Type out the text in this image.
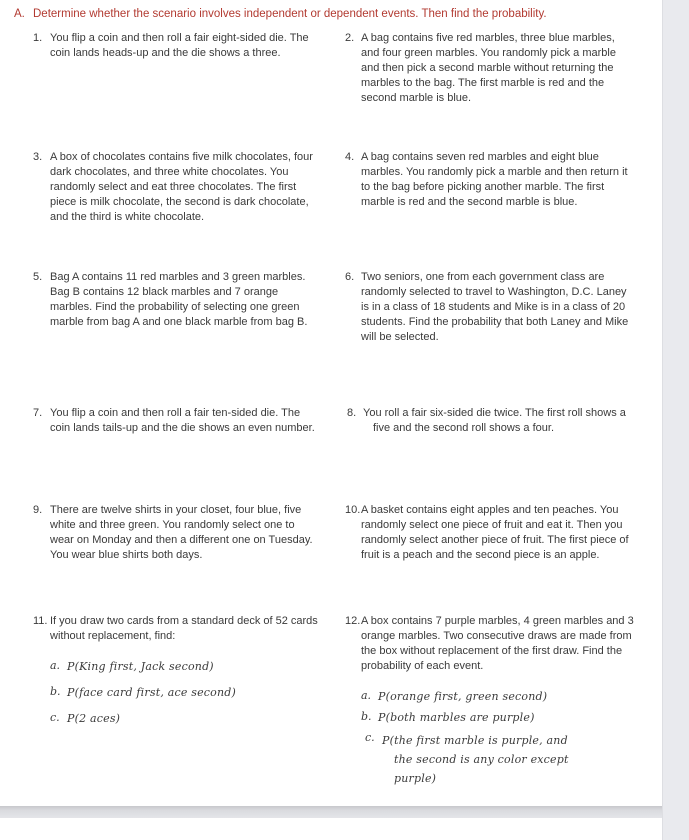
A. Determine whether the scenario involves independent or dependent events. Then find the probability.
1. You flip a coin and then roll a fair eight-sided die. The coin lands heads-up and the die shows a three.
2. A bag contains five red marbles, three blue marbles, and four green marbles. You randomly pick a marble and then pick a second marble without returning the marbles to the bag. The first marble is red and the second marble is blue.
3. A box of chocolates contains five milk chocolates, four dark chocolates, and three white chocolates. You randomly select and eat three chocolates. The first piece is milk chocolate, the second is dark chocolate, and the third is white chocolate.
4. A bag contains seven red marbles and eight blue marbles. You randomly pick a marble and then return it to the bag before picking another marble. The first marble is red and the second marble is blue.
5. Bag A contains 11 red marbles and 3 green marbles. Bag B contains 12 black marbles and 7 orange marbles. Find the probability of selecting one green marble from bag A and one black marble from bag B.
6. Two seniors, one from each government class are randomly selected to travel to Washington, D.C. Laney is in a class of 18 students and Mike is in a class of 20 students. Find the probability that both Laney and Mike will be selected.
7. You flip a coin and then roll a fair ten-sided die. The coin lands tails-up and the die shows an even number.
8. You roll a fair six-sided die twice. The first roll shows a five and the second roll shows a four.
9. There are twelve shirts in your closet, four blue, five white and three green. You randomly select one to wear on Monday and then a different one on Tuesday. You wear blue shirts both days.
10. A basket contains eight apples and ten peaches. You randomly select one piece of fruit and eat it. Then you randomly select another piece of fruit. The first piece of fruit is a peach and the second piece is an apple.
11. If you draw two cards from a standard deck of 52 cards without replacement, find:
a. P(King first, Jack second)
b. P(face card first, ace second)
c. P(2 aces)
12. A box contains 7 purple marbles, 4 green marbles and 3 orange marbles. Two consecutive draws are made from the box without replacement of the first draw. Find the probability of each event.
a. P(orange first, green second)
b. P(both marbles are purple)
c. P(the first marble is purple, and the second is any color except purple)
